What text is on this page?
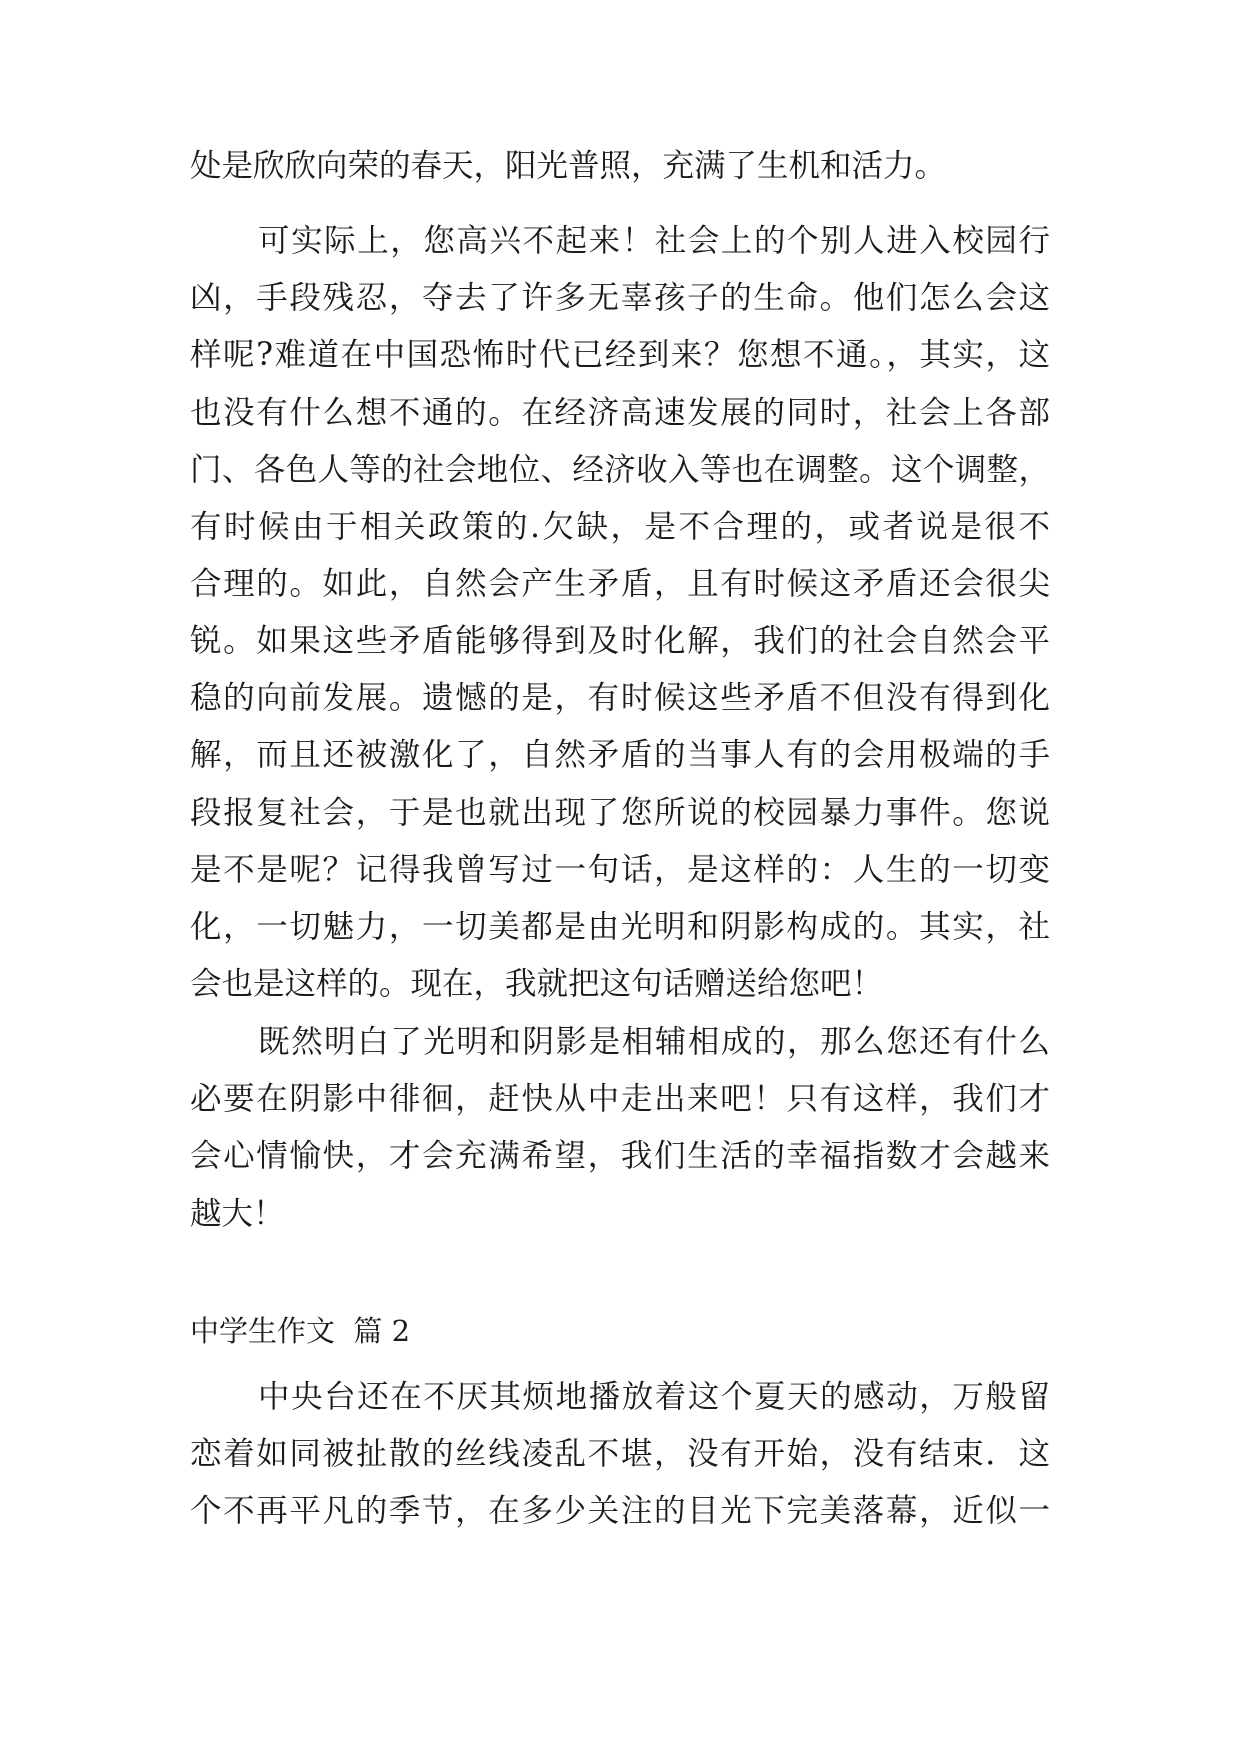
处是欣欣向荣的春天，阳光普照，充满了生机和活力。
可实际上，您高兴不起来！社会上的个别人进入校园行
凶，手段残忍，夺去了许多无辜孩子的生命。他们怎么会这
样呢?难道在中国恐怖时代已经到来？您想不通。，其实，这
也没有什么想不通的。在经济高速发展的同时，社会上各部
门、各色人等的社会地位、经济收入等也在调整。这个调整，
有时候由于相关政策的.欠缺，是不合理的，或者说是很不
合理的。如此，自然会产生矛盾，且有时候这矛盾还会很尖
锐。如果这些矛盾能够得到及时化解，我们的社会自然会平
稳的向前发展。遗憾的是，有时候这些矛盾不但没有得到化
解，而且还被激化了，自然矛盾的当事人有的会用极端的手
段报复社会，于是也就出现了您所说的校园暴力事件。您说
是不是呢？记得我曾写过一句话，是这样的：人生的一切变
化，一切魅力，一切美都是由光明和阴影构成的。其实，社
会也是这样的。现在，我就把这句话赠送给您吧！
既然明白了光明和阴影是相辅相成的，那么您还有什么
必要在阴影中徘徊，赶快从中走出来吧！只有这样，我们才
会心情愉快，才会充满希望，我们生活的幸福指数才会越来
越大！
中学生作文  篇 2
中央台还在不厌其烦地播放着这个夏天的感动，万般留
恋着如同被扯散的丝线凌乱不堪，没有开始，没有结束．这
个不再平凡的季节，在多少关注的目光下完美落幕，近似一
